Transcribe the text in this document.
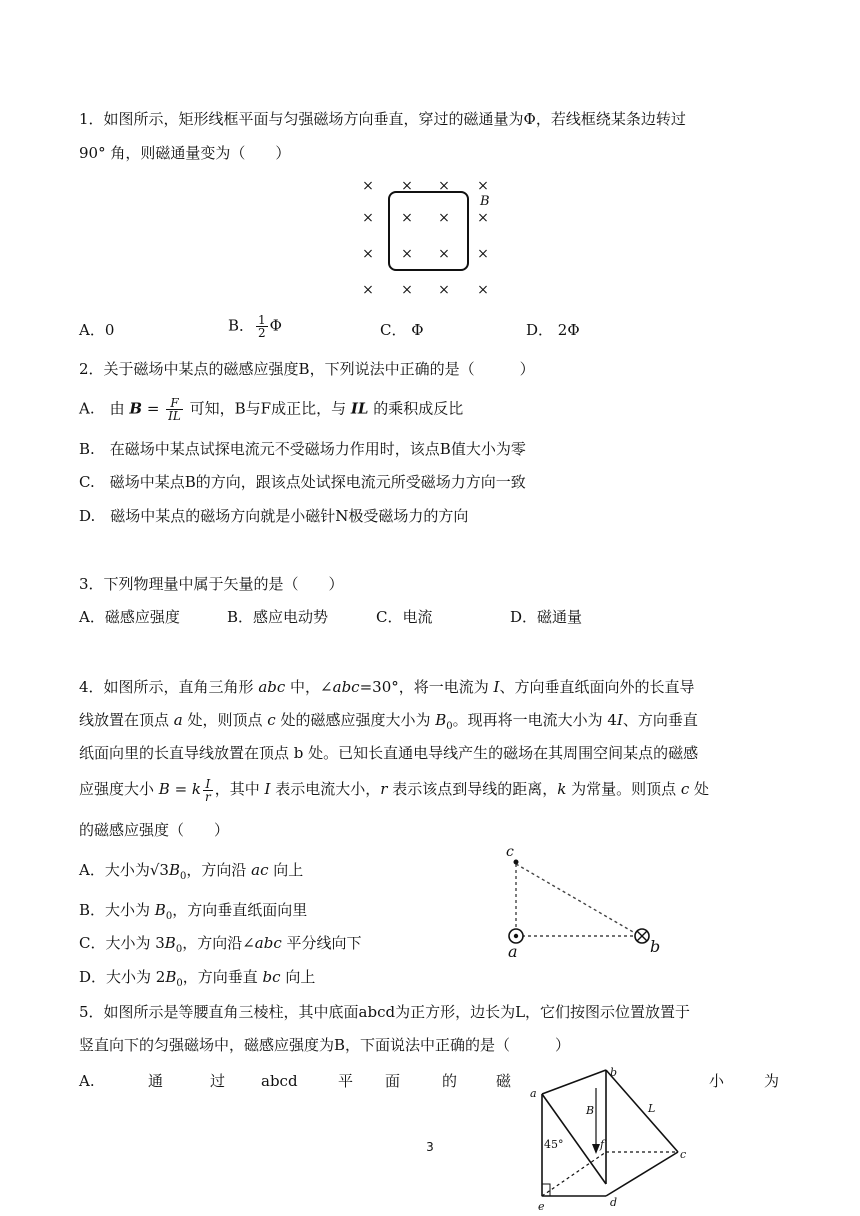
1．如图所示，矩形线框平面与匀强磁场方向垂直，穿过的磁通量为Φ，若线框绕某条边转过
90° 角，则磁通量变为（　　）
× × × ×
× × × ×
× × × ×
× × × ×
B
A．0	B． $\frac{1}{2}$ Φ	C． Φ	D． 2Φ
2．关于磁场中某点的磁感应强度B，下列说法中正确的是（　　　）
A.　由 $B = \frac{F}{IL}$ 可知，B与F成正比，与 IL 的乘积成反比
B.　在磁场中某点试探电流元不受磁场力作用时，该点B值大小为零
C.　磁场中某点B的方向，跟该点处试探电流元所受磁场力方向一致
D.　磁场中某点的磁场方向就是小磁针N极受磁场力的方向
3．下列物理量中属于矢量的是（　　）
A．磁感应强度	B．感应电动势	C．电流	D．磁通量
4．如图所示，直角三角形 abc 中，∠abc=30°，将一电流为 I、方向垂直纸面向外的长直导
线放置在顶点 a 处，则顶点 c 处的磁感应强度大小为 $B_0$。现再将一电流大小为 4I、方向垂直
纸面向里的长直导线放置在顶点 b 处。已知长直通电导线产生的磁场在其周围空间某点的磁感
应强度大小 B = k $\frac{I}{r}$ ，其中 I 表示电流大小，r 表示该点到导线的距离，k 为常量。则顶点 c 处
的磁感应强度（　　）
A．大小为$√3B_0$，方向沿 ac 向上
B．大小为 $B_0$，方向垂直纸面向里
C．大小为 $3B_0$，方向沿∠abc 平分线向下
D．大小为 $2B_0$，方向垂直 bc 向上
c
a	b
5．如图所示是等腰直角三棱柱，其中底面abcd为正方形，边长为L，它们按图示位置放置于
竖直向下的匀强磁场中，磁感应强度为B，下面说法中正确的是（　　　）
A.	通	过 abcd	平 面	的	磁	小	为
a
b
c
d
e
f
B	L
45°
3
